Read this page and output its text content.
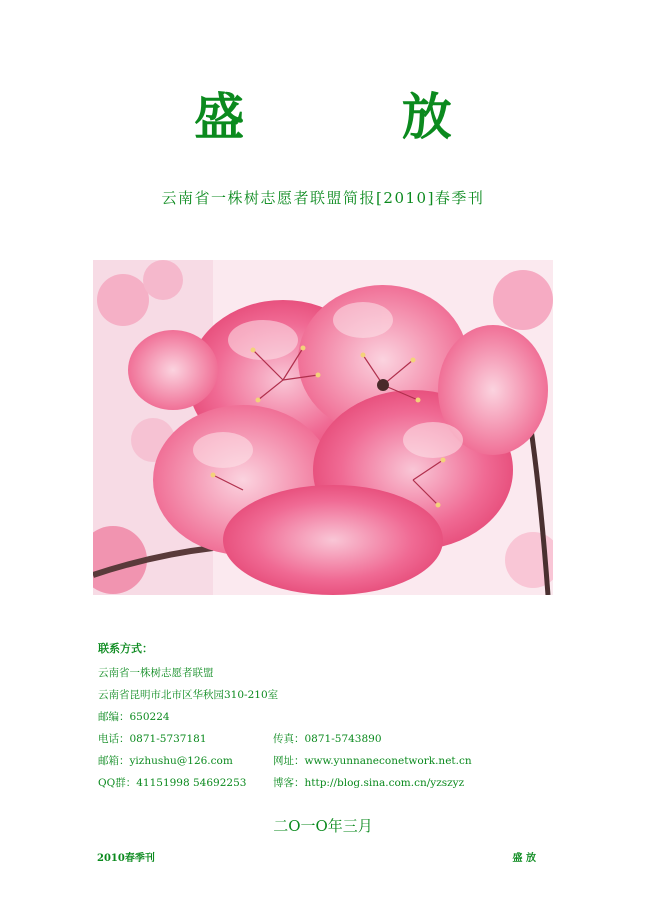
盛 放
云南省一株树志愿者联盟简报[2010]春季刊
联系方式：
云南省一株树志愿者联盟
云南省昆明市北市区华秋园310-210室
邮编：650224
电话：0871-5737181	传真：0871-5743890
邮箱：yizhushu@126.com	网址：www.yunnaneconetwork.net.cn
QQ群：41151998 54692253	博客：http://blog.sina.com.cn/yzszyz
二O一O年三月
2010春季刊	盛 放
